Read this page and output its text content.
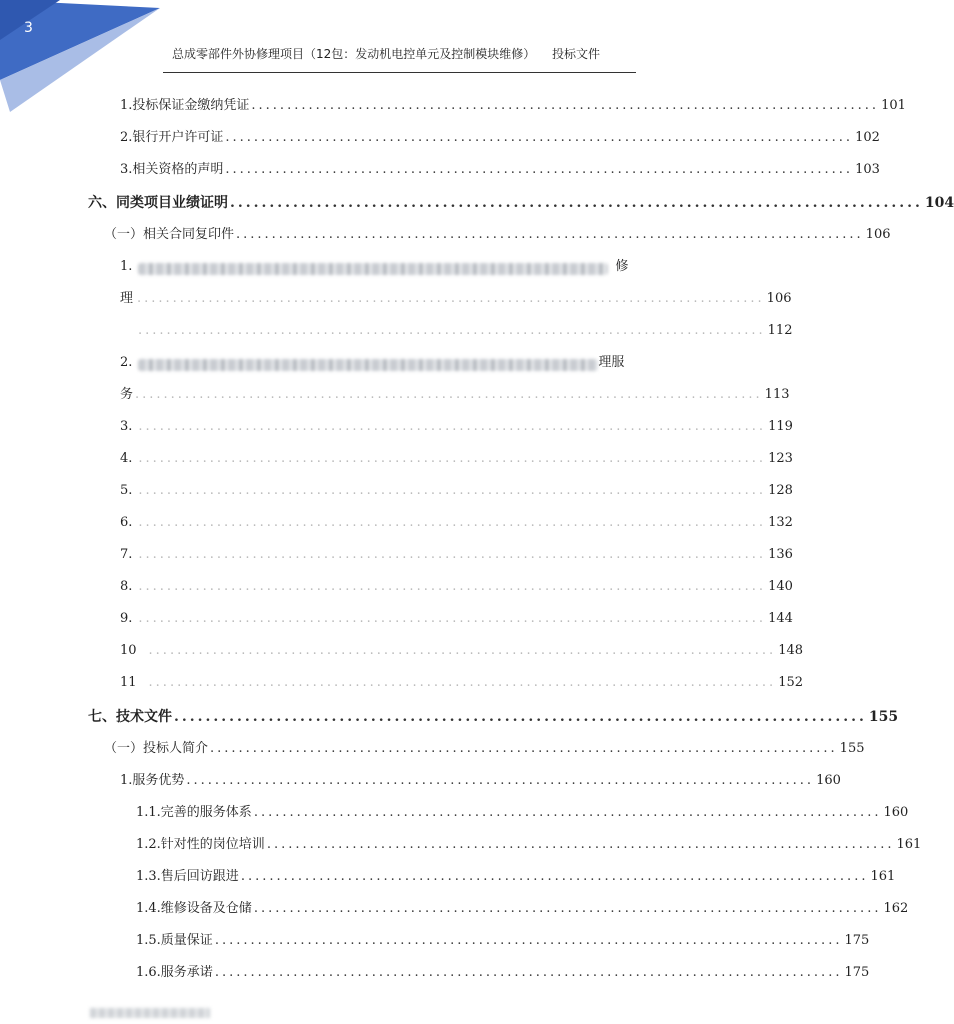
3
总成零部件外协修理项目（12包：发动机电控单元及控制模块维修） 投标文件
1.投标保证金缴纳凭证 ........................................................................................ 101
2.银行开户许可证 ........................................................................................ 102
3.相关资格的声明 ........................................................................................ 103
六、同类项目业绩证明 ........................................................................................ 104
（一）相关合同复印件 ........................................................................................ 106
1.	修
理 ........................................................................................ 106
........................................................................................ 112
2.	理服
务 ........................................................................................ 113
3. ........................................................................................ 119
4. ........................................................................................ 123
5. ........................................................................................ 128
6. ........................................................................................ 132
7. ........................................................................................ 136
8. ........................................................................................ 140
9. ........................................................................................ 144
10 ........................................................................................ 148
11 ........................................................................................ 152
七、技术文件 ........................................................................................ 155
（一）投标人简介 ........................................................................................ 155
1.服务优势 ........................................................................................ 160
1.1.完善的服务体系 ........................................................................................ 160
1.2.针对性的岗位培训 ........................................................................................ 161
1.3.售后回访跟进 ........................................................................................ 161
1.4.维修设备及仓储 ........................................................................................ 162
1.5.质量保证 ........................................................................................ 175
1.6.服务承诺 ........................................................................................ 175
